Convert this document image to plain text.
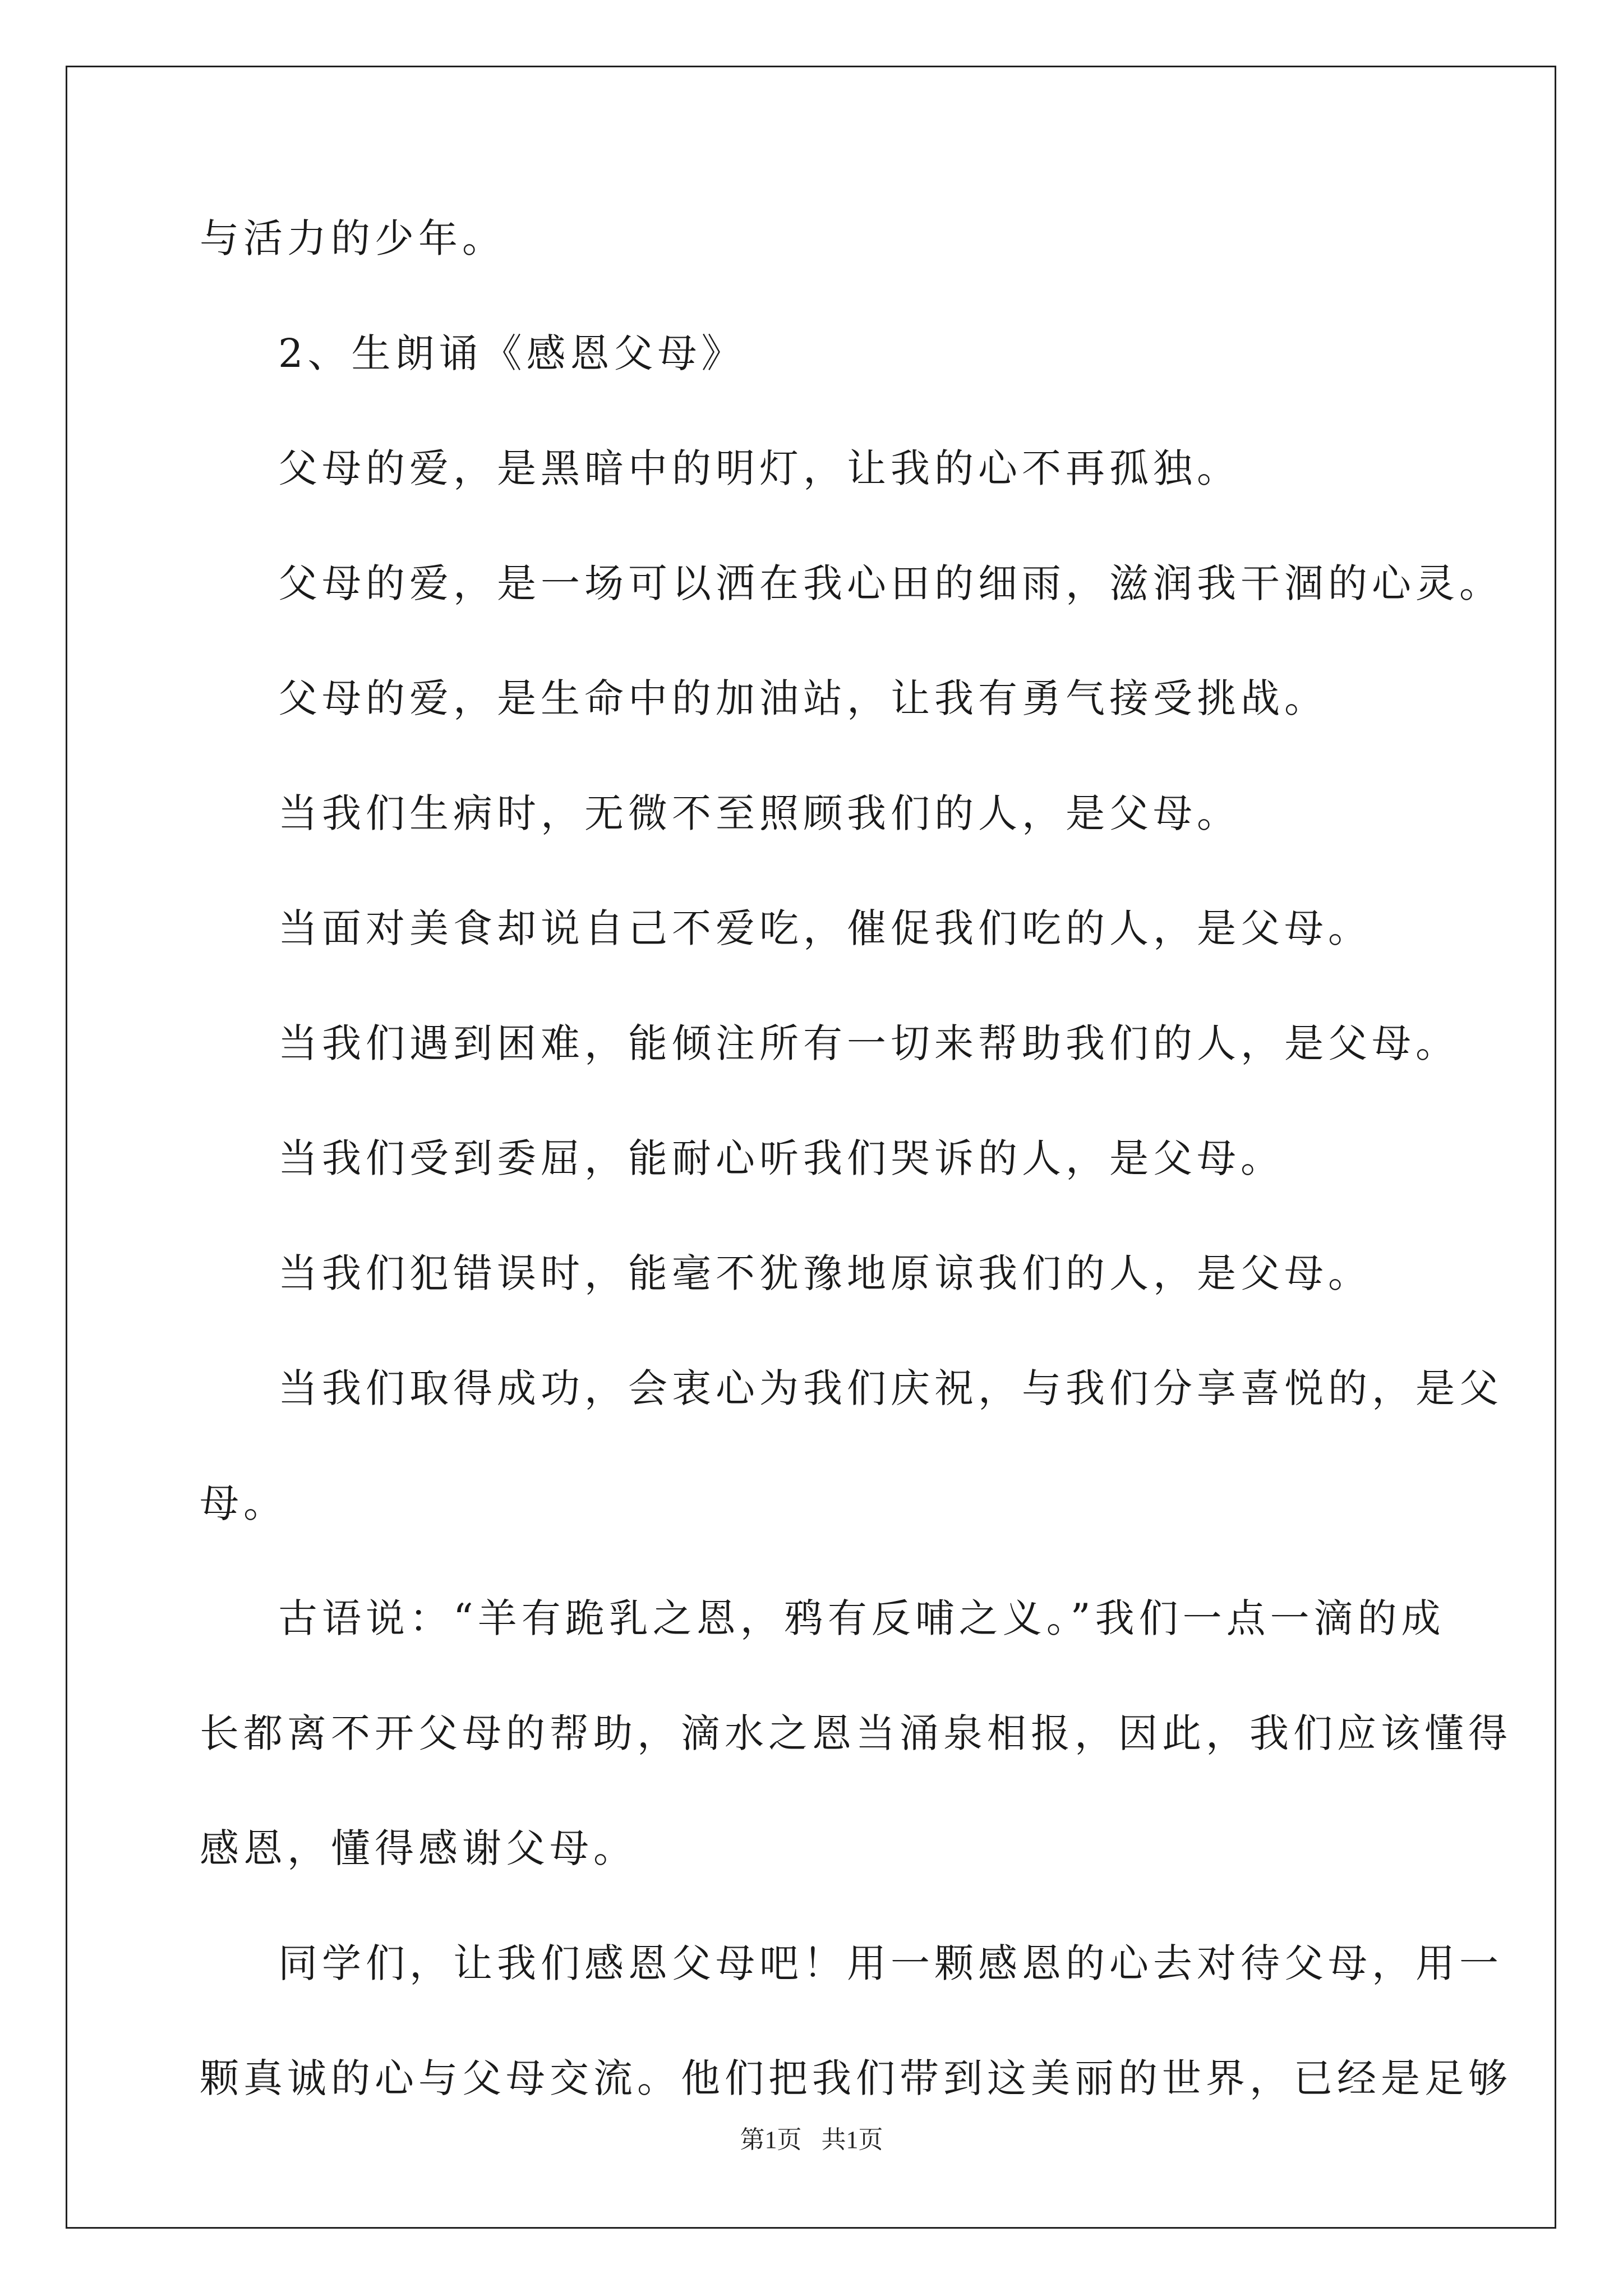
与活力的少年。
2、生朗诵《感恩父母》
父母的爱，是黑暗中的明灯，让我的心不再孤独。
父母的爱，是一场可以洒在我心田的细雨，滋润我干涸的心灵。
父母的爱，是生命中的加油站，让我有勇气接受挑战。
当我们生病时，无微不至照顾我们的人，是父母。
当面对美食却说自己不爱吃，催促我们吃的人，是父母。
当我们遇到困难，能倾注所有一切来帮助我们的人，是父母。
当我们受到委屈，能耐心听我们哭诉的人，是父母。
当我们犯错误时，能毫不犹豫地原谅我们的人，是父母。
当我们取得成功，会衷心为我们庆祝，与我们分享喜悦的，是父
母。
古语说：“羊有跪乳之恩，鸦有反哺之义。”我们一点一滴的成
长都离不开父母的帮助，滴水之恩当涌泉相报，因此，我们应该懂得
感恩，懂得感谢父母。
同学们，让我们感恩父母吧！用一颗感恩的心去对待父母，用一
颗真诚的心与父母交流。他们把我们带到这美丽的世界，已经是足够
第1页 共1页
